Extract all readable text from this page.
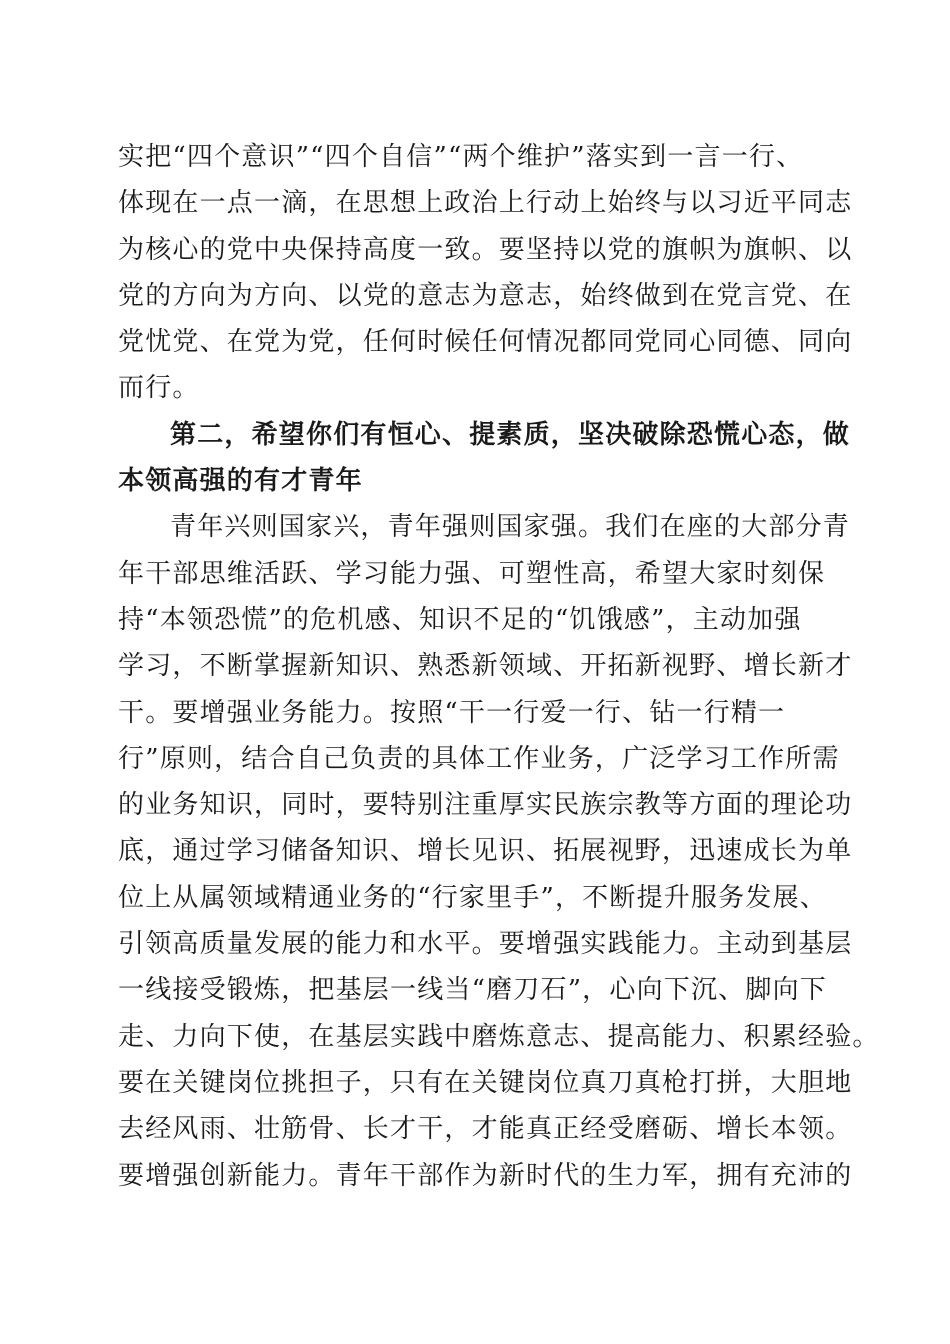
实把“四个意识”“四个自信”“两个维护”落实到一言一行、
体现在一点一滴，在思想上政治上行动上始终与以习近平同志
为核心的党中央保持高度一致。要坚持以党的旗帜为旗帜、以
党的方向为方向、以党的意志为意志，始终做到在党言党、在
党忧党、在党为党，任何时候任何情况都同党同心同德、同向
而行。
第二，希望你们有恒心、提素质，坚决破除恐慌心态，做
本领高强的有才青年
青年兴则国家兴，青年强则国家强。我们在座的大部分青
年干部思维活跃、学习能力强、可塑性高，希望大家时刻保
持“本领恐慌”的危机感、知识不足的“饥饿感”，主动加强
学习，不断掌握新知识、熟悉新领域、开拓新视野、增长新才
干。要增强业务能力。按照“干一行爱一行、钻一行精一
行”原则，结合自己负责的具体工作业务，广泛学习工作所需
的业务知识，同时，要特别注重厚实民族宗教等方面的理论功
底，通过学习储备知识、增长见识、拓展视野，迅速成长为单
位上从属领域精通业务的“行家里手”，不断提升服务发展、
引领高质量发展的能力和水平。要增强实践能力。主动到基层
一线接受锻炼，把基层一线当“磨刀石”，心向下沉、脚向下
走、力向下使，在基层实践中磨炼意志、提高能力、积累经验。
要在关键岗位挑担子，只有在关键岗位真刀真枪打拼，大胆地
去经风雨、壮筋骨、长才干，才能真正经受磨砺、增长本领。
要增强创新能力。青年干部作为新时代的生力军，拥有充沛的
